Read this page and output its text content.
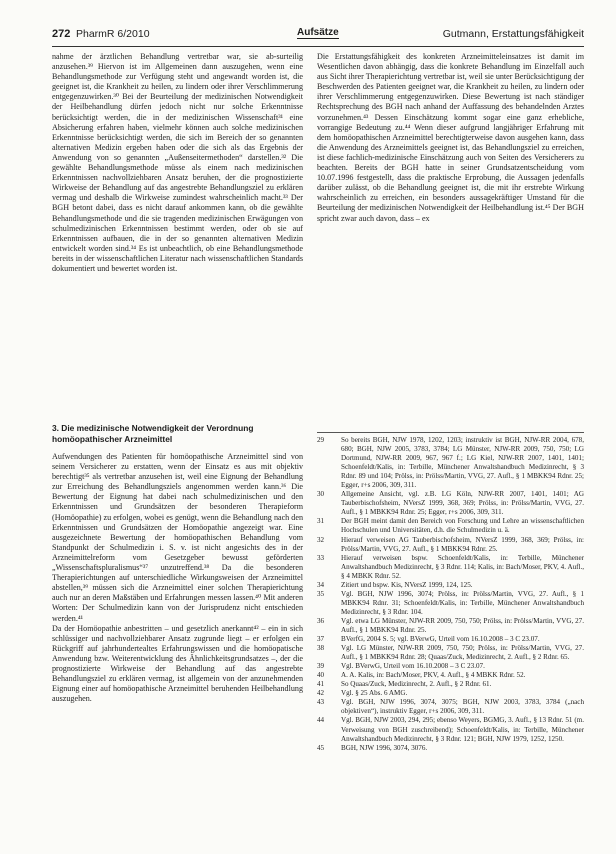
272 PharmR 6/2010	Aufsätze	Gutmann, Erstattungsfähigkeit

nahme der ärztlichen Behandlung vertretbar war, sie ab-surteilig anzusehen.³⁹ Hiervon ist im Allgemeinen dann auszugehen, wenn eine Behandlungsmethode zur Verfügung steht und angewandt worden ist, die geeignet ist, die Krankheit zu heilen, zu lindern oder ihrer Verschlimmerung entgegenzuwirken.³⁰ Bei der Beurteilung der medizinischen Notwendigkeit der Heilbehandlung dürfen jedoch nicht nur solche Erkenntnisse berücksichtigt werden, die in der medizinischen Wissenschaft³¹ eine Absicherung erfahren haben, vielmehr können auch solche medizinischen Erkenntnisse berücksichtigt werden, die sich im Bereich der so genannten alternativen Medizin ergeben haben oder die sich als das Ergebnis der Anwendung von so genannten „Außenseitermethoden“ darstellen.³² Die gewählte Behandlungsmethode müsse als einem nach medizinischen Erkenntnissen nachvollziehbaren Ansatz beruhen, der die prognostizierte Wirkweise der Behandlung auf das angestrebte Behandlungsziel zu erklären vermag und deshalb die Wirkweise zumindest wahrscheinlich macht.³³ Der BGH betont dabei, dass es nicht darauf ankommen kann, ob die gewählte Behandlungsmethode und die sie tragenden medizinischen Erwägungen von schulmedizinischen Erkenntnissen bestimmt werden, oder ob sie auf Erkenntnissen aufbauen, die in der so genannten alternativen Medizin entwickelt worden sind.³⁴ Es ist unbeachtlich, ob eine Behandlungsmethode bereits in der wissenschaftlichen Literatur nach wissenschaftlichen Standards dokumentiert und bewertet worden ist.

3. Die medizinische Notwendigkeit der Verordnung homöopathischer Arzneimittel

Aufwendungen des Patienten für homöopathische Arzneimittel sind von seinem Versicherer zu erstatten, wenn der Einsatz es aus mit objektiv berechtigt³⁵ als vertretbar anzusehen ist, weil eine Eignung der Behandlung zur Erreichung des Behandlungsziels angenommen werden kann.³⁶ Die Bewertung der Eignung hat dabei nach schulmedizinischen und den Erkenntnissen und Grundsätzen der besonderen Therapieform (Homöopathie) zu erfolgen, wobei es genügt, wenn die Behandlung nach den Erkenntnissen und Grundsätzen der Homöopathie angezeigt war. Eine ausgezeichnete Bewertung der homöopathischen Behandlung vom Standpunkt der Schulmedizin i. S. v. ist nicht angesichts des in der Arzneimittelreform vom Gesetzgeber bewusst geförderten „Wissenschaftspluralismus“³⁷ unzutreffend.³⁸ Da die besonderen Therapierichtungen auf unterschiedliche Wirkungsweisen der Arzneimittel abstellen,³⁹ müssen sich die Arzneimittel einer solchen Therapierichtung auch nur an deren Maßstäben und Erfahrungen messen lassen.⁴⁰ Mit anderen Worten: Der Schulmedizin kann von der Jurisprudenz nicht entschieden werden.⁴¹

Da der Homöopathie anbestritten – und gesetzlich anerkannt⁴² – ein in sich schlüssiger und nachvollziehbarer Ansatz zugrunde liegt – er erfolgen ein Rückgriff auf jahrhundertealtes Erfahrungswissen und die homöopatische Anwendung bzw. Weiterentwicklung des Ähnlichkeitsgrundsatzes –, der die prognostizierte Wirkweise der Behandlung auf das angestrebte Behandlungsziel zu erklären vermag, ist allgemein von der anzunehmenden Eignung einer auf homöopathische Arzneimittel beruhenden Heilbehandlung auszugehen.

Die Erstattungsfähigkeit des konkreten Arzneimitteleinsatzes ist damit im Wesentlichen davon abhängig, dass die konkrete Behandlung im Einzelfall auch aus Sicht ihrer Therapierichtung vertretbar ist, weil sie unter Berücksichtigung der Beschwerden des Patienten geeignet war, die Krankheit zu heilen, zu lindern oder ihrer Verschlimmerung entgegenzuwirken. Diese Bewertung ist nach ständiger Rechtsprechung des BGH nach anhand der Auffassung des behandelnden Arztes vorzunehmen.⁴³ Dessen Einschätzung kommt sogar eine ganz erhebliche, vorrangige Bedeutung zu.⁴⁴ Wenn dieser aufgrund langjähriger Erfahrung mit dem homöopathischen Arzneimittel berechtigterweise davon ausgehen kann, dass die Anwendung des Arzneimittels geeignet ist, das Behandlungsziel zu erreichen, ist diese fachlich-medizinische Einschätzung auch von Seiten des Versicherers zu beachten. Bereits der BGH hatte in seiner Grundsatzentscheidung vom 10.07.1996 festgestellt, dass die praktische Erprobung, die Aussagen jedenfalls darüber zulässt, ob die Behandlung geeignet ist, die mit ihr erstrebte Wirkung wahrscheinlich zu erreichen, ein besonders aussagekräftiger Umstand für die Beurteilung der medizinischen Notwendigkeit der Heilbehandlung ist.⁴⁵ Der BGH spricht zwar auch davon, dass – ex

29 So bereits BGH, NJW 1978, 1202, 1203; instruktiv ist BGH, NJW-RR 2004, 678, 680; BGH, NJW 2005, 3783, 3784; LG Münster, NJW-RR 2009, 750, 750; LG Dortmund, NJW-RR 2009, 967, 967 f.; LG Kiel, NJW-RR 2007, 1401, 1401; Schoenfeldt/Kalis, in: Terbille, Münchener Anwaltshandbuch Medizinrecht, § 3 Rdnr. 89 und 104; Prölss, in: Prölss/Martin, VVG, 27. Aufl., § 1 MBKK94 Rdnr. 25; Egger, r+s 2006, 309, 311.
30 Allgemeine Ansicht, vgl. z.B. LG Köln, NJW-RR 2007, 1401, 1401; AG Tauberbischofsheim, NVersZ 1999, 368, 369; Prölss, in: Prölss/Martin, VVG, 27. Aufl., § 1 MBKK94 Rdnr. 25; Egger, r+s 2006, 309, 311.
31 Der BGH meint damit den Bereich von Forschung und Lehre an wissenschaftlichen Hochschulen und Universitäten, d.h. die Schulmedizin u. ä.
32 Hierauf verweisen AG Tauberbischofsheim, NVersZ 1999, 368, 369; Prölss, in: Prölss/Martin, VVG, 27. Aufl., § 1 MBKK94 Rdnr. 25.
33 Hierauf verweisen bspw. Schoenfeldt/Kalis, in: Terbille, Münchener Anwaltshandbuch Medizinrecht, § 3 Rdnr. 114; Kalis, in: Bach/Moser, PKV, 4. Aufl., § 4 MBKK Rdnr. 52.
34 Zitiert und bspw. Kis, NVersZ 1999, 124, 125.
35 Vgl. BGH, NJW 1996, 3074; Prölss, in: Prölss/Martin, VVG, 27. Aufl., § 1 MBKK94 Rdnr. 31; Schoenfeldt/Kalis, in: Terbille, Münchener Anwaltshandbuch Medizinrecht, § 3 Rdnr. 104.
36 Vgl. etwa LG Münster, NJW-RR 2009, 750, 750; Prölss, in: Prölss/Martin, VVG, 27. Aufl., § 1 MBKK94 Rdnr. 25.
37 BVerfG, 2004 S. 5; vgl. BVerwG, Urteil vom 16.10.2008 – 3 C 23.07.
38 Vgl. LG Münster, NJW-RR 2009, 750, 750; Prölss, in: Prölss/Martin, VVG, 27. Aufl., § 1 MBKK94 Rdnr. 28; Quaas/Zuck, Medizinrecht, 2. Aufl., § 2 Rdnr. 65.
39 Vgl. BVerwG, Urteil vom 16.10.2008 – 3 C 23.07.
40 A. A. Kalis, in: Bach/Moser, PKV, 4. Aufl., § 4 MBKK Rdnr. 52.
41 So Quaas/Zuck, Medizinrecht, 2. Aufl., § 2 Rdnr. 61.
42 Vgl. § 25 Abs. 6 AMG.
43 Vgl. BGH, NJW 1996, 3074, 3075; BGH, NJW 2003, 3783, 3784 („nach objektiven“), instruktiv Egger, r+s 2006, 309, 311.
44 Vgl. BGH, NJW 2003, 294, 295; ebenso Weyers, BGMG, 3. Aufl., § 13 Rdnr. 51 (m. Verweisung von BGH zuschreibend); Schoenfeldt/Kalis, in: Terbille, Münchener Anwaltshandbuch Medizinrecht, § 3 Rdnr. 121; BGH, NJW 1979, 1252, 1250.
45 BGH, NJW 1996, 3074, 3076.
